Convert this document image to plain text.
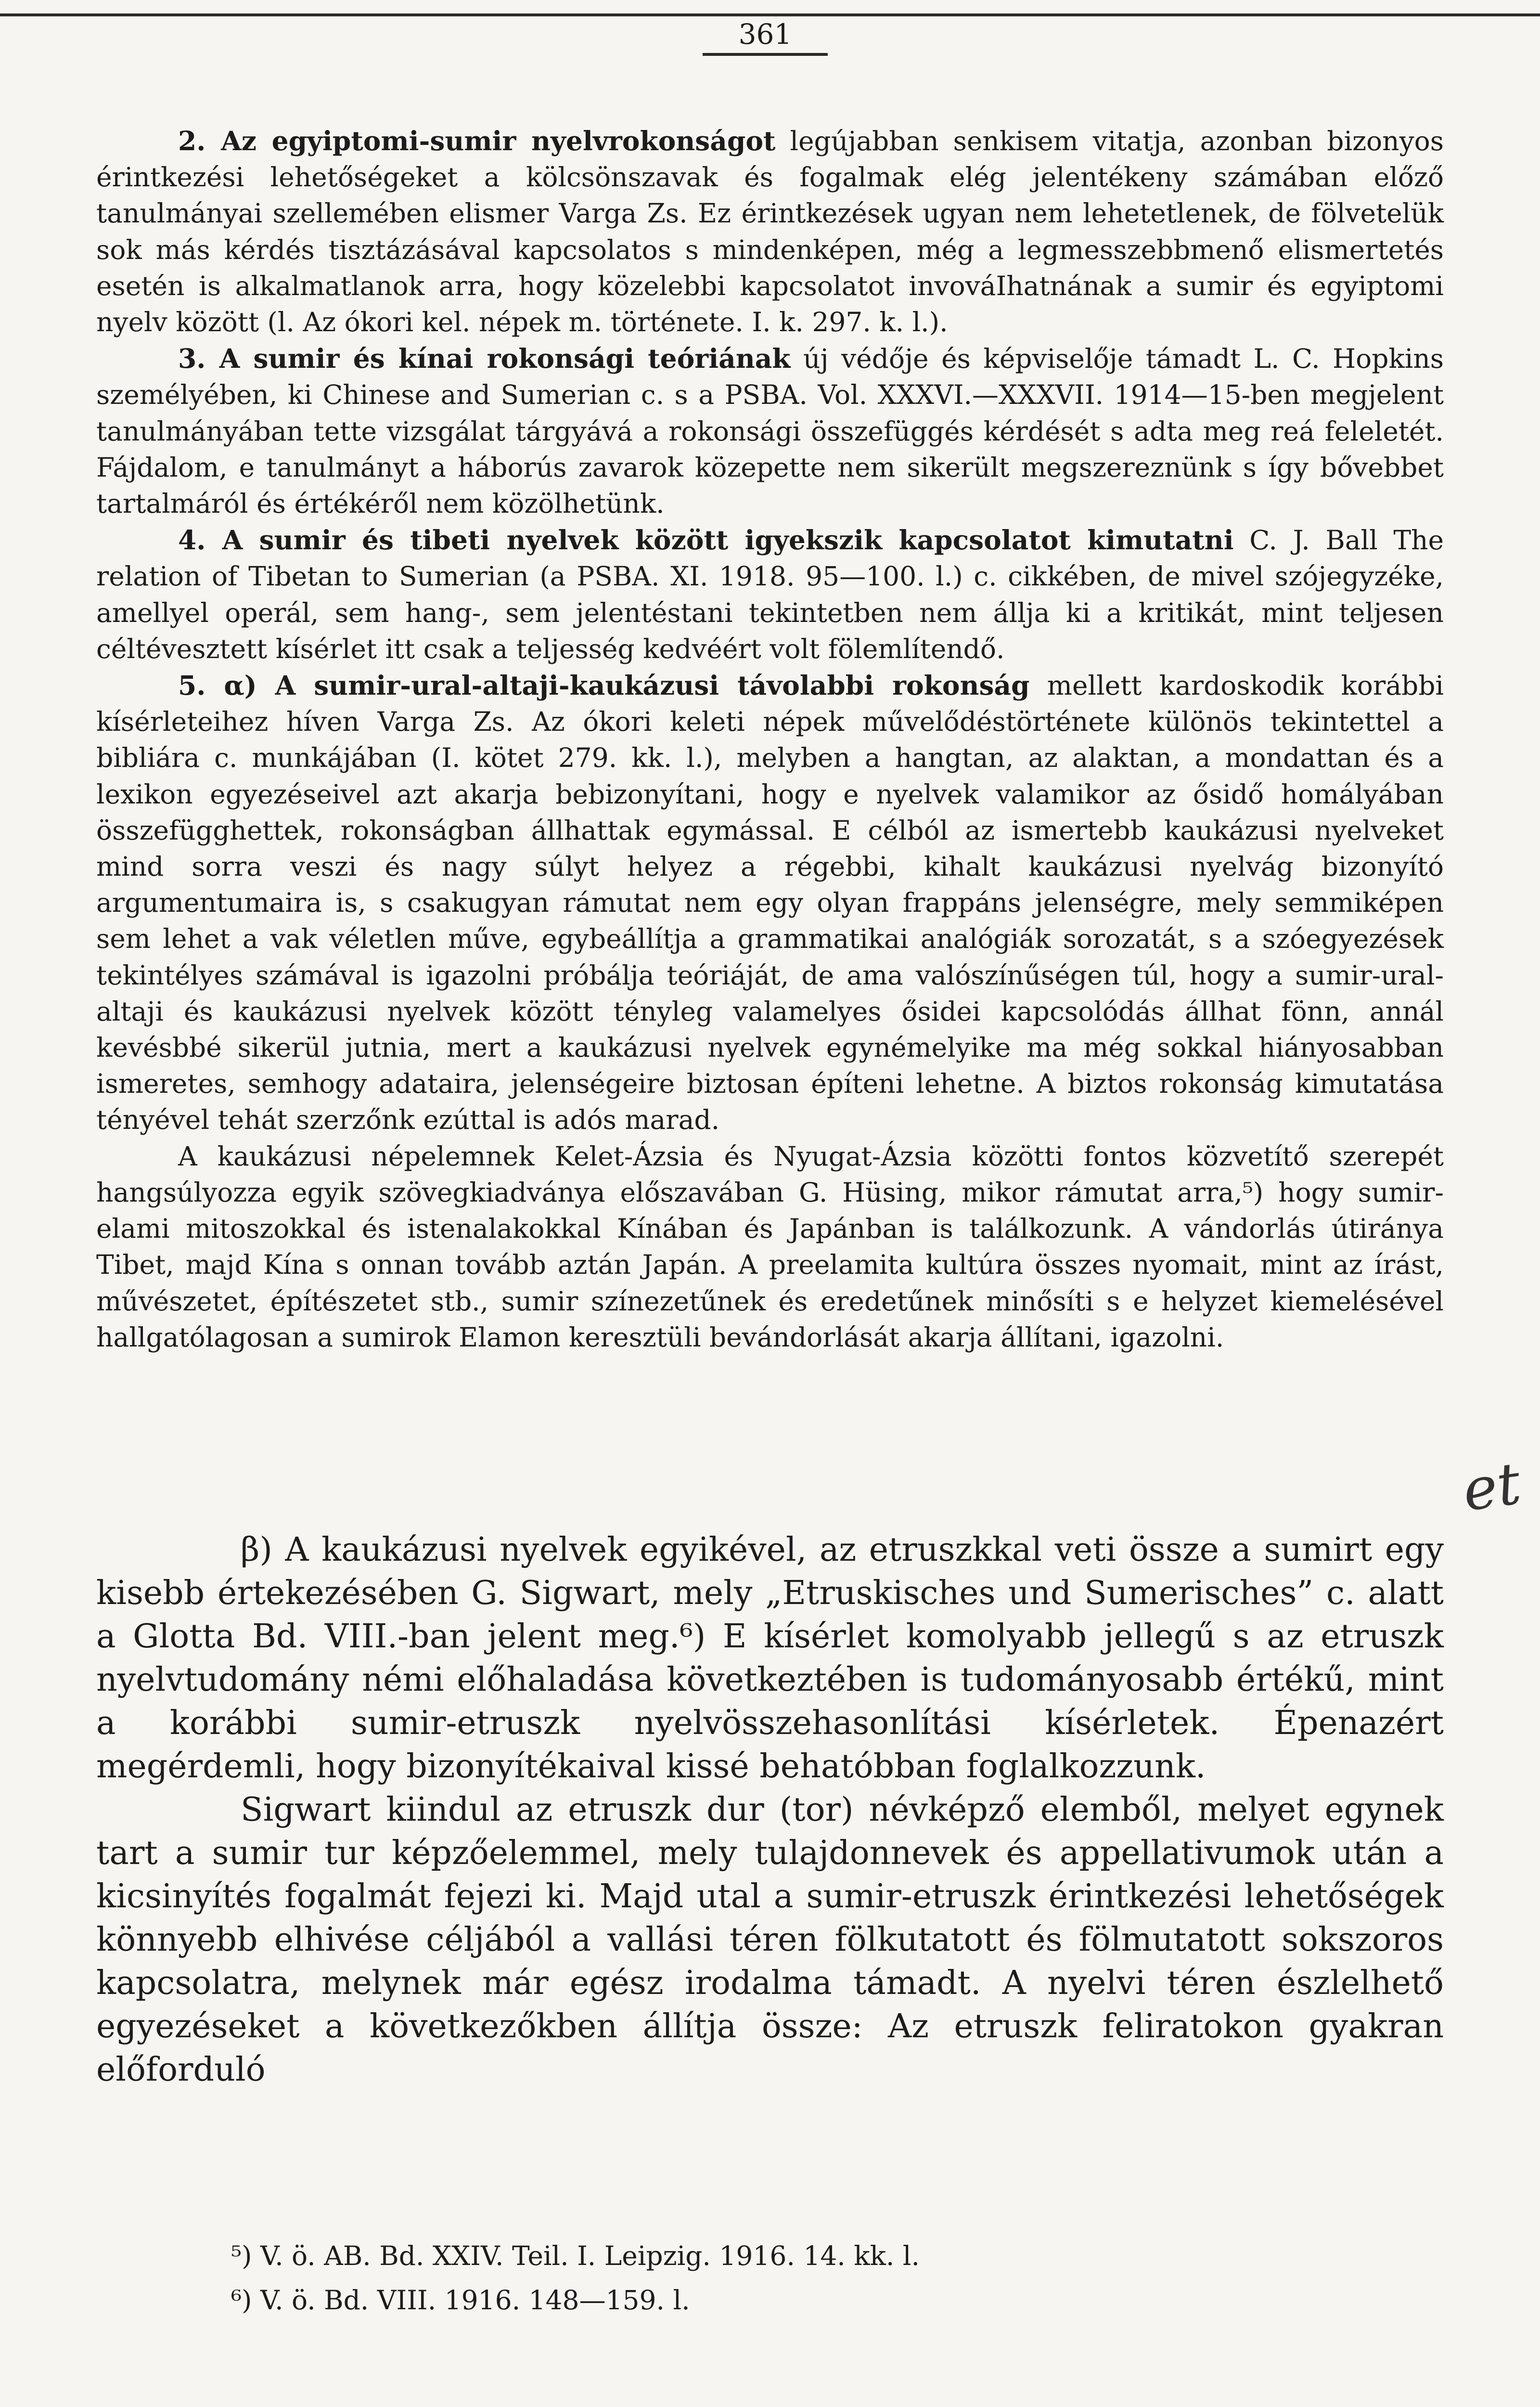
361

2. Az egyiptomi-sumir nyelvrokonságot legújabban senkisem vitatja, azonban bizonyos érintkezési lehetőségeket a kölcsönszavak és fogalmak elég jelentékeny számában előző tanulmányai szellemében elismer Varga Zs. Ez érintkezések ugyan nem lehetetlenek, de fölvetelük sok más kérdés tisztázásával kapcsolatos s mindenképen, még a legmesszebbmenő elismertetés esetén is alkalmatlanok arra, hogy közelebbi kapcsolatot invováIhatnának a sumir és egyiptomi nyelv között (l. Az ókori kel. népek m. története. I. k. 297. k. l.).

3. A sumir és kínai rokonsági teóriának új védője és képviselője támadt L. C. Hopkins személyében, ki Chinese and Sumerian c. s a PSBA. Vol. XXXVI.—XXXVII. 1914—15-ben megjelent tanulmányában tette vizsgálat tárgyává a rokonsági összefüggés kérdését s adta meg reá feleletét. Fájdalom, e tanulmányt a háborús zavarok közepette nem sikerült megszereznünk s így bővebbet tartalmáról és értékéről nem közölhetünk.

4. A sumir és tibeti nyelvek között igyekszik kapcsolatot kimutatni C. J. Ball The relation of Tibetan to Sumerian (a PSBA. XI. 1918. 95—100. l.) c. cikkében, de mivel szójegyzéke, amellyel operál, sem hang-, sem jelentéstani tekintetben nem állja ki a kritikát, mint teljesen céltévesztett kísérlet itt csak a teljesség kedvéért volt fölemlítendő.

5. α) A sumir-ural-altaji-kaukázusi távolabbi rokonság mellett kardoskodik korábbi kísérleteihez híven Varga Zs. Az ókori keleti népek művelődéstörténete különös tekintettel a bibliára c. munkájában (I. kötet 279. kk. l.), melyben a hangtan, az alaktan, a mondattan és a lexikon egyezéseivel azt akarja bebizonyítani, hogy e nyelvek valamikor az ősidő homályában összefügghettek, rokonságban állhattak egymással. E célból az ismertebb kaukázusi nyelveket mind sorra veszi és nagy súlyt helyez a régebbi, kihalt kaukázusi nyelvág bizonyító argumentumaira is, s csakugyan rámutat nem egy olyan frappáns jelenségre, mely semmiképen sem lehet a vak véletlen műve, egybeállítja a grammatikai analógiák sorozatát, s a szóegyezések tekintélyes számával is igazolni próbálja teóriáját, de ama valószínűségen túl, hogy a sumir-ural-altaji és kaukázusi nyelvek között tényleg valamelyes ősidei kapcsolódás állhat fönn, annál kevésbbé sikerül jutnia, mert a kaukázusi nyelvek egynémelyike ma még sokkal hiányosabban ismeretes, semhogy adataira, jelenségeire biztosan építeni lehetne. A biztos rokonság kimutatása tényével tehát szerzőnk ezúttal is adós marad.

A kaukázusi népelemnek Kelet-Ázsia és Nyugat-Ázsia közötti fontos közvetítő szerepét hangsúlyozza egyik szövegkiadványa előszavában G. Hüsing, mikor rámutat arra,⁵) hogy sumir-elami mitoszokkal és istenalakokkal Kínában és Japánban is találkozunk. A vándorlás útiránya Tibet, majd Kína s onnan tovább aztán Japán. A preelamita kultúra összes nyomait, mint az írást, művészetet, építészetet stb., sumir színezetűnek és eredetűnek minősíti s e helyzet kiemelésével hallgatólagosan a sumirok Elamon keresztüli bevándorlását akarja állítani, igazolni.

et

β) A kaukázusi nyelvek egyikével, az etruszkkal veti össze a sumirt egy kisebb értekezésében G. Sigwart, mely „Etruskisches und Sumerisches” c. alatt a Glotta Bd. VIII.-ban jelent meg.⁶) E kísérlet komolyabb jellegű s az etruszk nyelvtudomány némi előhaladása következtében is tudományosabb értékű, mint a korábbi sumir-etruszk nyelvösszehasonlítási kísérletek. Épenazért megérdemli, hogy bizonyítékaival kissé behatóbban foglalkozzunk.

Sigwart kiindul az etruszk dur (tor) névképző elemből, melyet egynek tart a sumir tur képzőelemmel, mely tulajdonnevek és appellativumok után a kicsinyítés fogalmát fejezi ki. Majd utal a sumir-etruszk érintkezési lehetőségek könnyebb elhivése céljából a vallási téren fölkutatott és fölmutatott sokszoros kapcsolatra, melynek már egész irodalma támadt. A nyelvi téren észlelhető egyezéseket a következőkben állítja össze: Az etruszk feliratokon gyakran előforduló

⁵) V. ö. AB. Bd. XXIV. Teil. I. Leipzig. 1916. 14. kk. l.
⁶) V. ö. Bd. VIII. 1916. 148—159. l.
